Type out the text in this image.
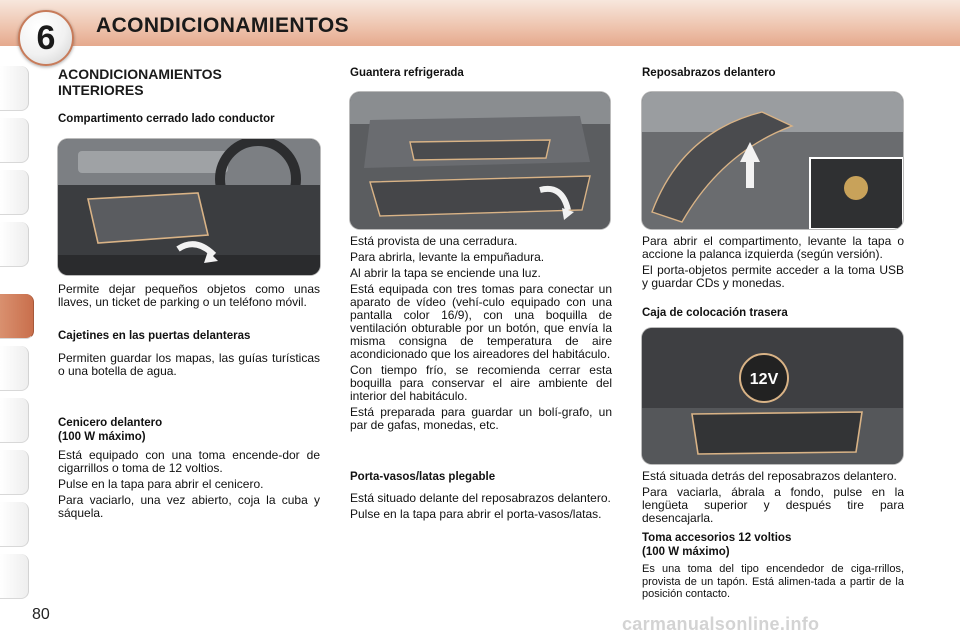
6 ACONDICIONAMIENTOS
ACONDICIONAMIENTOS
INTERIORES
Compartimento cerrado lado conductor

Permite dejar pequeños objetos como unas llaves, un ticket de parking o un teléfono móvil.

Cajetines en las puertas delanteras

Permiten guardar los mapas, las guías turísticas o una botella de agua.

Cenicero delantero
(100 W máximo)

Está equipado con una toma encende-dor de cigarrillos o toma de 12 voltios.

Pulse en la tapa para abrir el cenicero.

Para vaciarlo, una vez abierto, coja la cuba y sáquela.

Guantera refrigerada

Está provista de una cerradura.

Para abrirla, levante la empuñadura.

Al abrir la tapa se enciende una luz.

Está equipada con tres tomas para conectar un aparato de vídeo (vehí-culo equipado con una pantalla color 16/9), con una boquilla de ventilación obturable por un botón, que envía la misma consigna de temperatura de aire acondicionado que los aireadores del habitáculo.

Con tiempo frío, se recomienda cerrar esta boquilla para conservar el aire ambiente del interior del habitáculo.

Está preparada para guardar un bolí-grafo, un par de gafas, monedas, etc.

Porta-vasos/latas plegable

Está situado delante del reposabrazos delantero.

Pulse en la tapa para abrir el porta-vasos/latas.

Reposabrazos delantero

Para abrir el compartimento, levante la tapa o accione la palanca izquierda (según versión).

El porta-objetos permite acceder a la toma USB y guardar CDs y monedas.

Caja de colocación trasera
12V

Está situada detrás del reposabrazos delantero.

Para vaciarla, ábrala a fondo, pulse en la lengüeta superior y después tire para desencajarla.

Toma accesorios 12 voltios
(100 W máximo)

Es una toma del tipo encendedor de ciga-rrillos, provista de un tapón. Está alimen-tada a partir de la posición contacto.

80	carmanualsonline.info
